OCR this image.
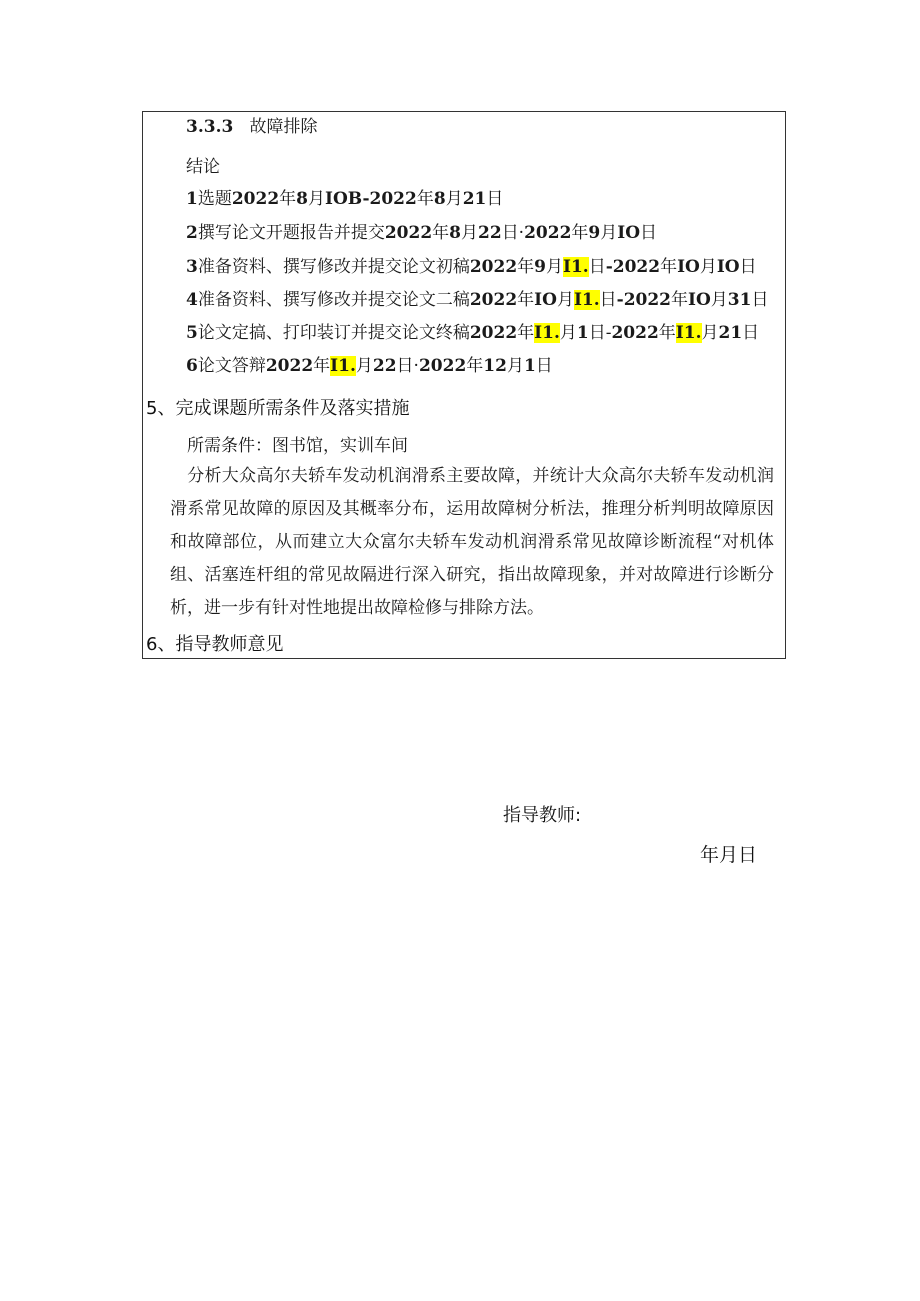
3.3.3 故障排除
结论
1选题2022年8月IOB-2022年8月21日
2撰写论文开题报告并提交2022年8月22日·2022年9月IO日
3准备资料、撰写修改并提交论文初稿2022年9月I1.日-2022年IO月IO日
4准备资料、撰写修改并提交论文二稿2022年IO月I1.日-2022年IO月31日
5论文定搞、打印装订并提交论文终稿2022年I1.月1日-2022年I1.月21日
6论文答辩2022年I1.月22日·2022年12月1日
5、完成课题所需条件及落实措施
所需条件：图书馆，实训车间
分析大众高尔夫轿车发动机润滑系主要故障，并统计大众高尔夫轿车发动机润滑系常见故障的原因及其概率分布，运用故障树分析法，推理分析判明故障原因和故障部位，从而建立大众富尔夫轿车发动机润滑系常见故障诊断流程“对机体组、活塞连杆组的常见故隔进行深入研究，指出故障现象，并对故障进行诊断分析，进一步有针对性地提出故障检修与排除方法。
6、指导教师意见
指导教师:
年月日
